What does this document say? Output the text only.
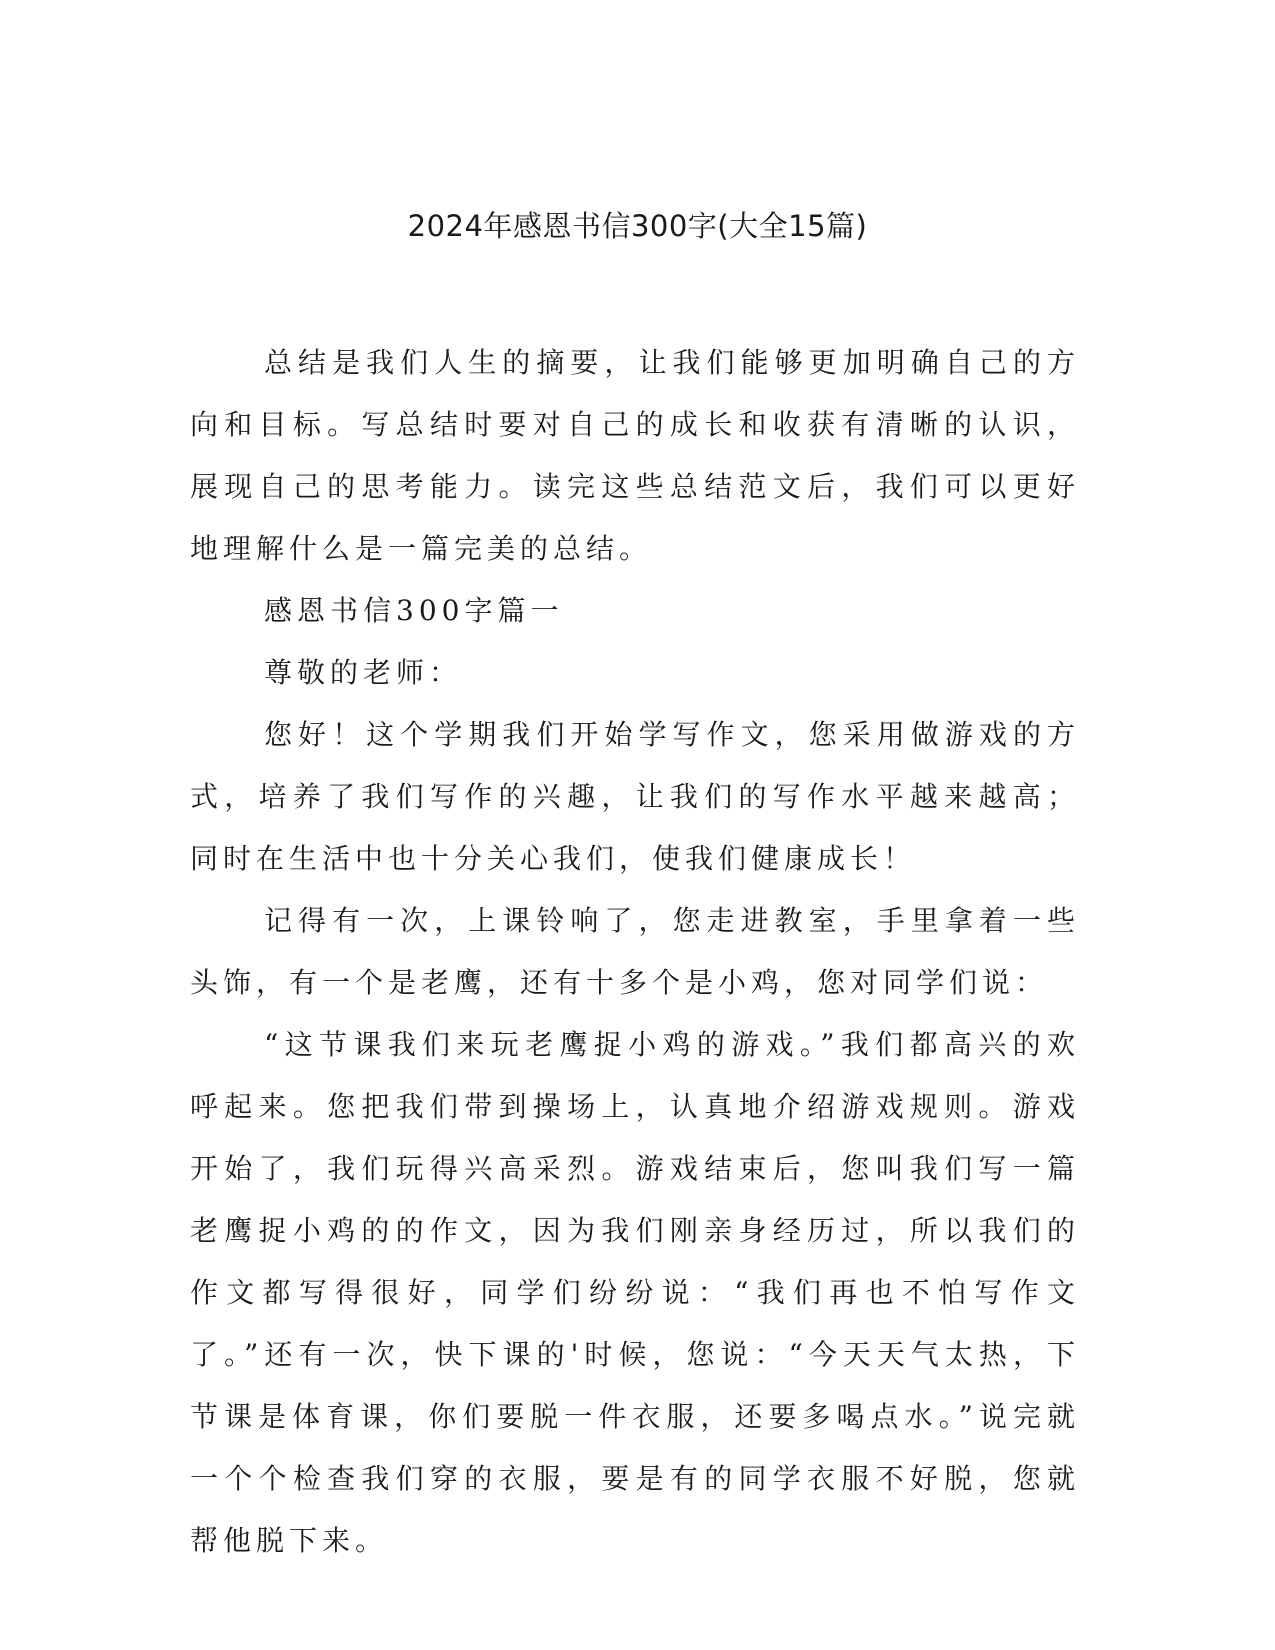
2024年感恩书信300字(大全15篇)

总结是我们人生的摘要，让我们能够更加明确自己的方向和目标。写总结时要对自己的成长和收获有清晰的认识，展现自己的思考能力。读完这些总结范文后，我们可以更好地理解什么是一篇完美的总结。

感恩书信300字篇一

尊敬的老师：

您好！这个学期我们开始学写作文，您采用做游戏的方式，培养了我们写作的兴趣，让我们的写作水平越来越高；同时在生活中也十分关心我们，使我们健康成长！

记得有一次，上课铃响了，您走进教室，手里拿着一些头饰，有一个是老鹰，还有十多个是小鸡，您对同学们说：

“这节课我们来玩老鹰捉小鸡的游戏。”我们都高兴的欢呼起来。您把我们带到操场上，认真地介绍游戏规则。游戏开始了，我们玩得兴高采烈。游戏结束后，您叫我们写一篇老鹰捉小鸡的的作文，因为我们刚亲身经历过，所以我们的作文都写得很好，同学们纷纷说：“我们再也不怕写作文了。”还有一次，快下课的'时候，您说：“今天天气太热，下节课是体育课，你们要脱一件衣服，还要多喝点水。”说完就一个个检查我们穿的衣服，要是有的同学衣服不好脱，您就帮他脱下来。
